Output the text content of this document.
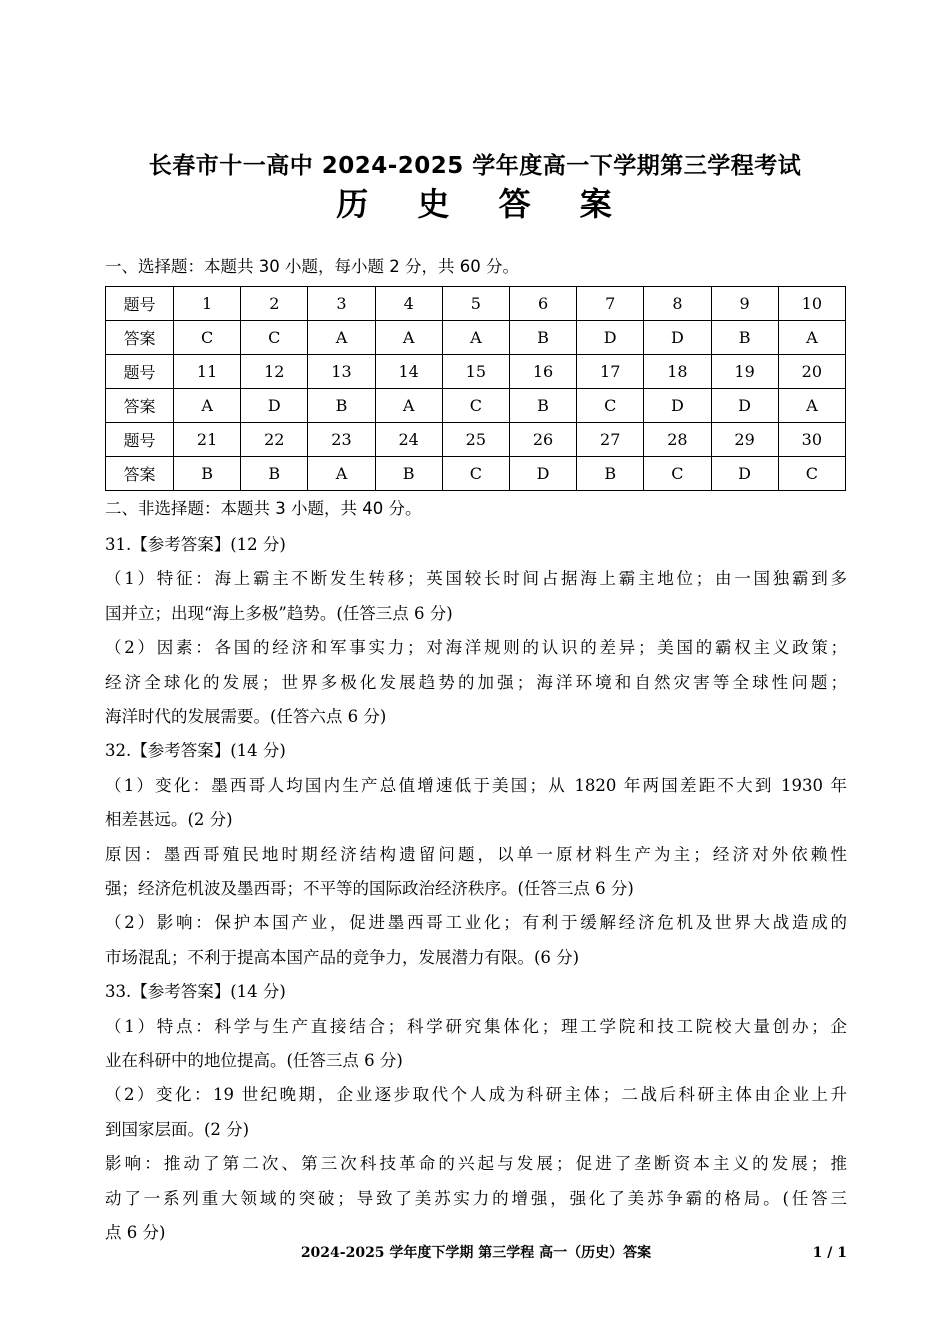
长春市十一高中 2024-2025 学年度高一下学期第三学程考试
历 史 答 案
一、选择题：本题共 30 小题，每小题 2 分，共 60 分。
题号	1	2	3	4	5	6	7	8	9	10
答案	C	C	A	A	A	B	D	D	B	A
题号	11	12	13	14	15	16	17	18	19	20
答案	A	D	B	A	C	B	C	D	D	A
题号	21	22	23	24	25	26	27	28	29	30
答案	B	B	A	B	C	D	B	C	D	C
二、非选择题：本题共 3 小题，共 40 分。
31.【参考答案】(12 分)
（1）特征：海上霸主不断发生转移；英国较长时间占据海上霸主地位；由一国独霸到多
国并立；出现“海上多极”趋势。(任答三点 6 分)
（2）因素：各国的经济和军事实力；对海洋规则的认识的差异；美国的霸权主义政策；
经济全球化的发展；世界多极化发展趋势的加强；海洋环境和自然灾害等全球性问题；
海洋时代的发展需要。(任答六点 6 分)
32.【参考答案】(14 分)
（1）变化：墨西哥人均国内生产总值增速低于美国；从 1820 年两国差距不大到 1930 年
相差甚远。(2 分)
原因：墨西哥殖民地时期经济结构遗留问题，以单一原材料生产为主；经济对外依赖性
强；经济危机波及墨西哥；不平等的国际政治经济秩序。(任答三点 6 分)
（2）影响：保护本国产业，促进墨西哥工业化；有利于缓解经济危机及世界大战造成的
市场混乱；不利于提高本国产品的竞争力，发展潜力有限。(6 分)
33.【参考答案】(14 分)
（1）特点：科学与生产直接结合；科学研究集体化；理工学院和技工院校大量创办；企
业在科研中的地位提高。(任答三点 6 分)
（2）变化：19 世纪晚期，企业逐步取代个人成为科研主体；二战后科研主体由企业上升
到国家层面。(2 分)
影响：推动了第二次、第三次科技革命的兴起与发展；促进了垄断资本主义的发展；推
动了一系列重大领域的突破；导致了美苏实力的增强，强化了美苏争霸的格局。(任答三
点 6 分)
2024-2025 学年度下学期 第三学程 高一（历史）答案	1 / 1
